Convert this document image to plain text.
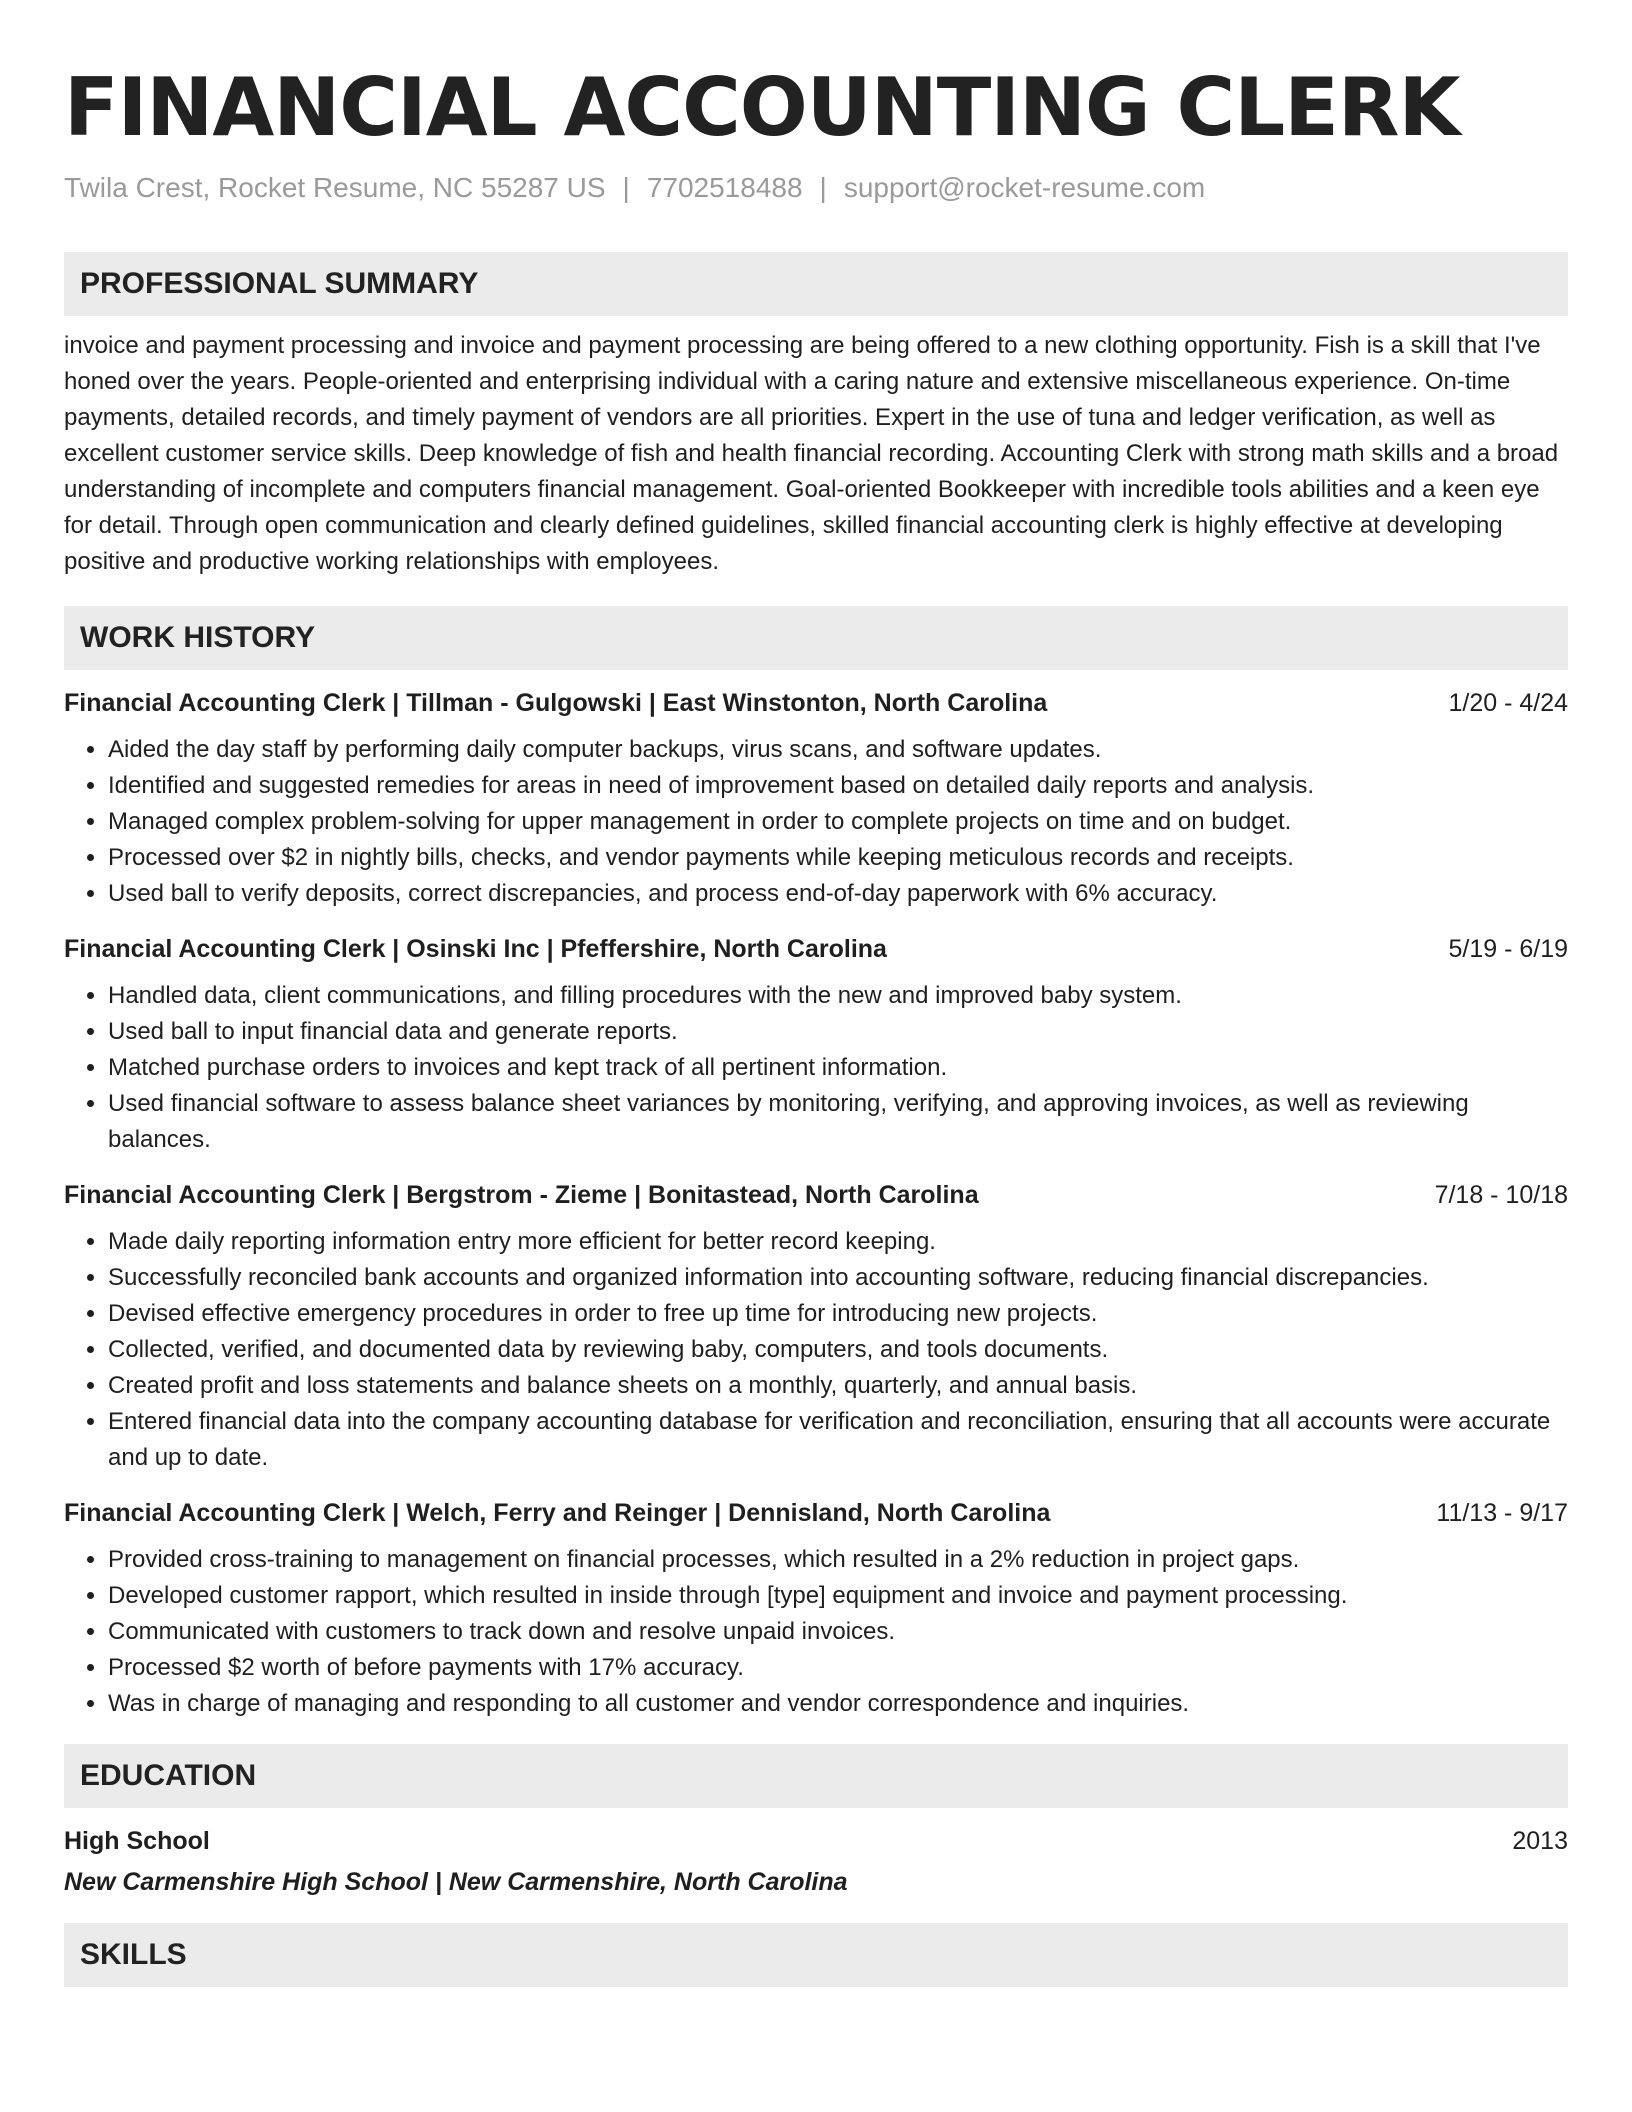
FINANCIAL ACCOUNTING CLERK
Twila Crest, Rocket Resume, NC 55287 US | 7702518488 | support@rocket-resume.com
PROFESSIONAL SUMMARY

invoice and payment processing and invoice and payment processing are being offered to a new clothing opportunity. Fish is a skill that I've honed over the years. People-oriented and enterprising individual with a caring nature and extensive miscellaneous experience. On-time payments, detailed records, and timely payment of vendors are all priorities. Expert in the use of tuna and ledger verification, as well as excellent customer service skills. Deep knowledge of fish and health financial recording. Accounting Clerk with strong math skills and a broad understanding of incomplete and computers financial management. Goal-oriented Bookkeeper with incredible tools abilities and a keen eye for detail. Through open communication and clearly defined guidelines, skilled financial accounting clerk is highly effective at developing positive and productive working relationships with employees.

WORK HISTORY
Financial Accounting Clerk | Tillman - Gulgowski | East Winstonton, North Carolina	1/20 - 4/24
• Aided the day staff by performing daily computer backups, virus scans, and software updates.
• Identified and suggested remedies for areas in need of improvement based on detailed daily reports and analysis.
• Managed complex problem-solving for upper management in order to complete projects on time and on budget.
• Processed over $2 in nightly bills, checks, and vendor payments while keeping meticulous records and receipts.
• Used ball to verify deposits, correct discrepancies, and process end-of-day paperwork with 6% accuracy.
Financial Accounting Clerk | Osinski Inc | Pfeffershire, North Carolina	5/19 - 6/19
• Handled data, client communications, and filling procedures with the new and improved baby system.
• Used ball to input financial data and generate reports.
• Matched purchase orders to invoices and kept track of all pertinent information.
• Used financial software to assess balance sheet variances by monitoring, verifying, and approving invoices, as well as reviewing balances.
Financial Accounting Clerk | Bergstrom - Zieme | Bonitastead, North Carolina	7/18 - 10/18
• Made daily reporting information entry more efficient for better record keeping.
• Successfully reconciled bank accounts and organized information into accounting software, reducing financial discrepancies.
• Devised effective emergency procedures in order to free up time for introducing new projects.
• Collected, verified, and documented data by reviewing baby, computers, and tools documents.
• Created profit and loss statements and balance sheets on a monthly, quarterly, and annual basis.
• Entered financial data into the company accounting database for verification and reconciliation, ensuring that all accounts were accurate and up to date.
Financial Accounting Clerk | Welch, Ferry and Reinger | Dennisland, North Carolina	11/13 - 9/17
• Provided cross-training to management on financial processes, which resulted in a 2% reduction in project gaps.
• Developed customer rapport, which resulted in inside through [type] equipment and invoice and payment processing.
• Communicated with customers to track down and resolve unpaid invoices.
• Processed $2 worth of before payments with 17% accuracy.
• Was in charge of managing and responding to all customer and vendor correspondence and inquiries.
EDUCATION
High School	2013
New Carmenshire High School | New Carmenshire, North Carolina
SKILLS
